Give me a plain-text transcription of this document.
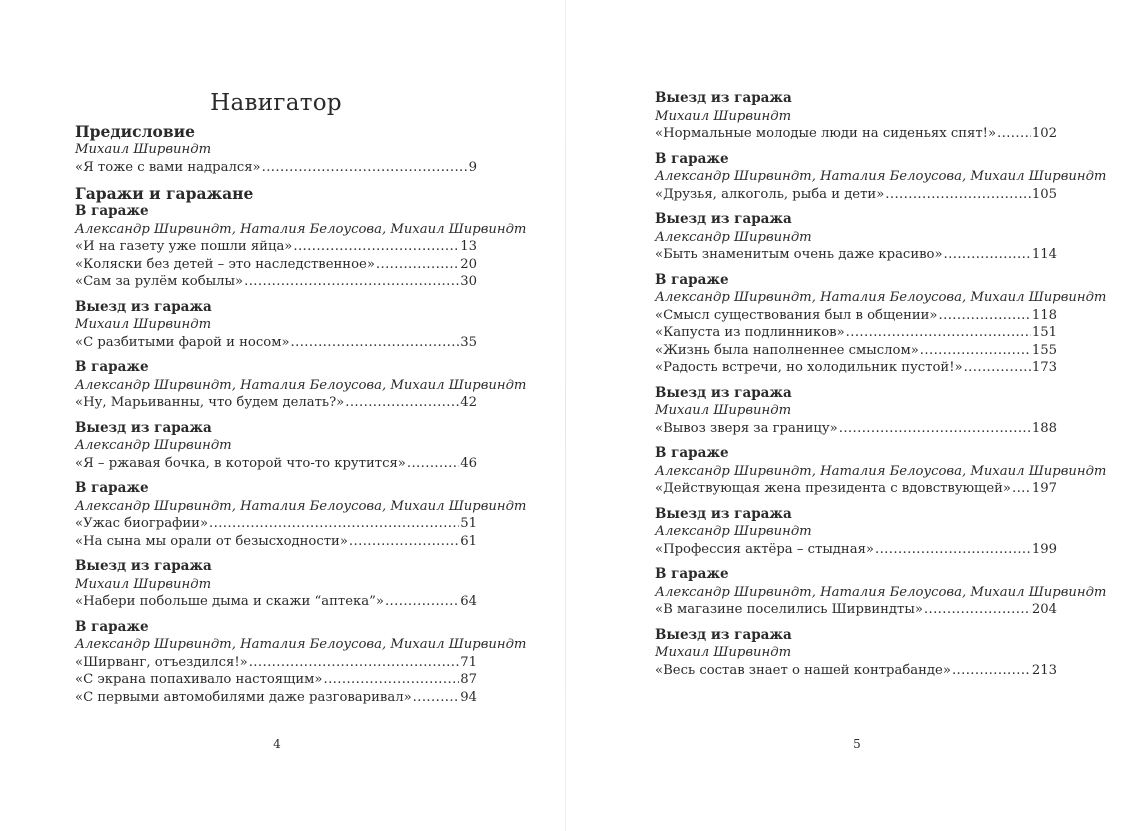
Навигатор
Предисловие
Михаил Ширвиндт
«Я тоже с вами надрался» .....	9
Гаражи и гаражане
В гараже
Александр Ширвиндт, Наталия Белоусова, Михаил Ширвиндт
«И на газету уже пошли яйца» .....	13
«Коляски без детей – это наследственное» .....	20
«Сам за рулём кобылы» .....	30
Выезд из гаража
Михаил Ширвиндт
«С разбитыми фарой и носом» .....	35
В гараже
Александр Ширвиндт, Наталия Белоусова, Михаил Ширвиндт
«Ну, Марьиванны, что будем делать?» .....	42
Выезд из гаража
Александр Ширвиндт
«Я – ржавая бочка, в которой что-то крутится» .....	46
В гараже
Александр Ширвиндт, Наталия Белоусова, Михаил Ширвиндт
«Ужас биографии» .....	51
«На сына мы орали от безысходности» .....	61
Выезд из гаража
Михаил Ширвиндт
«Набери побольше дыма и скажи “аптека”» .....	64
В гараже
Александр Ширвиндт, Наталия Белоусова, Михаил Ширвиндт
«Ширванг, отъездился!» .....	71
«С экрана попахивало настоящим» .....	87
«С первыми автомобилями даже разговаривал» .....	94
4
Выезд из гаража
Михаил Ширвиндт
«Нормальные молодые люди на сиденьях спят!» .....	102
В гараже
Александр Ширвиндт, Наталия Белоусова, Михаил Ширвиндт
«Друзья, алкоголь, рыба и дети» .....	105
Выезд из гаража
Александр Ширвиндт
«Быть знаменитым очень даже красиво» .....	114
В гараже
Александр Ширвиндт, Наталия Белоусова, Михаил Ширвиндт
«Смысл существования был в общении» .....	118
«Капуста из подлинников» .....	151
«Жизнь была наполненнее смыслом» .....	155
«Радость встречи, но холодильник пустой!» .....	173
Выезд из гаража
Михаил Ширвиндт
«Вывоз зверя за границу» .....	188
В гараже
Александр Ширвиндт, Наталия Белоусова, Михаил Ширвиндт
«Действующая жена президента с вдовствующей» ..... 197
Выезд из гаража
Александр Ширвиндт
«Профессия актёра – стыдная» .....	199
В гараже
Александр Ширвиндт, Наталия Белоусова, Михаил Ширвиндт
«В магазине поселились Ширвиндты» .....	204
Выезд из гаража
Михаил Ширвиндт
«Весь состав знает о нашей контрабанде» .....	213
5
